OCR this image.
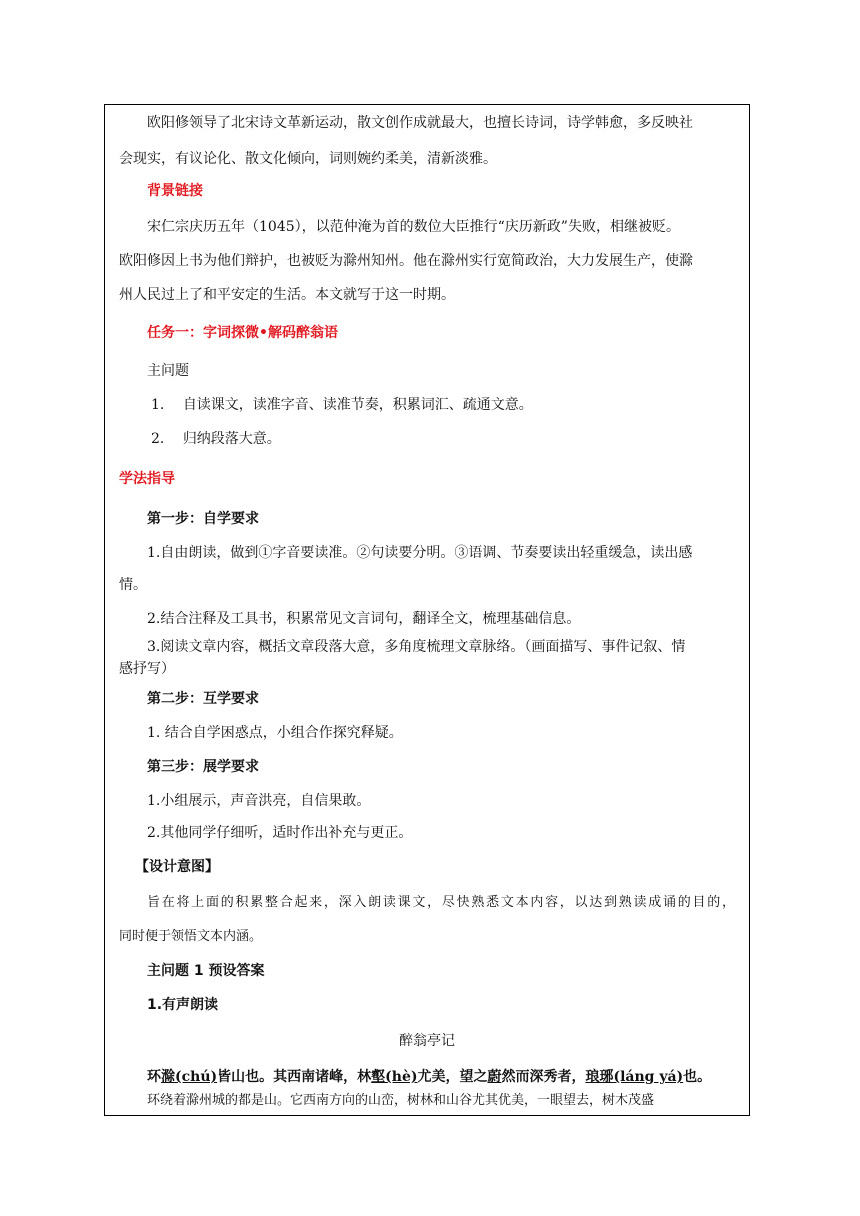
欧阳修领导了北宋诗文革新运动，散文创作成就最大，也擅长诗词，诗学韩愈，多反映社
会现实，有议论化、散文化倾向，词则婉约柔美，清新淡雅。
背景链接
宋仁宗庆历五年（1045），以范仲淹为首的数位大臣推行“庆历新政”失败，相继被贬。
欧阳修因上书为他们辩护，也被贬为滁州知州。他在滁州实行宽简政治，大力发展生产，使滁
州人民过上了和平安定的生活。本文就写于这一时期。
任务一：字词探微•解码醉翁语
主问题
1. 自读课文，读准字音、读准节奏，积累词汇、疏通文意。
2. 归纳段落大意。
学法指导
第一步：自学要求
1.自由朗读，做到①字音要读准。②句读要分明。③语调、节奏要读出轻重缓急，读出感
情。
2.结合注释及工具书，积累常见文言词句，翻译全文，梳理基础信息。
3.阅读文章内容，概括文章段落大意，多角度梳理文章脉络。（画面描写、事件记叙、情
感抒写）
第二步：互学要求
1. 结合自学困惑点，小组合作探究释疑。
第三步：展学要求
1.小组展示，声音洪亮，自信果敢。
2.其他同学仔细听，适时作出补充与更正。
【设计意图】
旨在将上面的积累整合起来，深入朗读课文，尽快熟悉文本内容，以达到熟读成诵的目的，
同时便于领悟文本内涵。
主问题 1 预设答案
1.有声朗读
醉翁亭记
环滁(chú)皆山也。其西南诸峰，林壑(hè)尤美，望之蔚然而深秀者，琅琊(láng yá)也。
环绕着滁州城的都是山。它西南方向的山峦，树林和山谷尤其优美，一眼望去，树木茂盛
